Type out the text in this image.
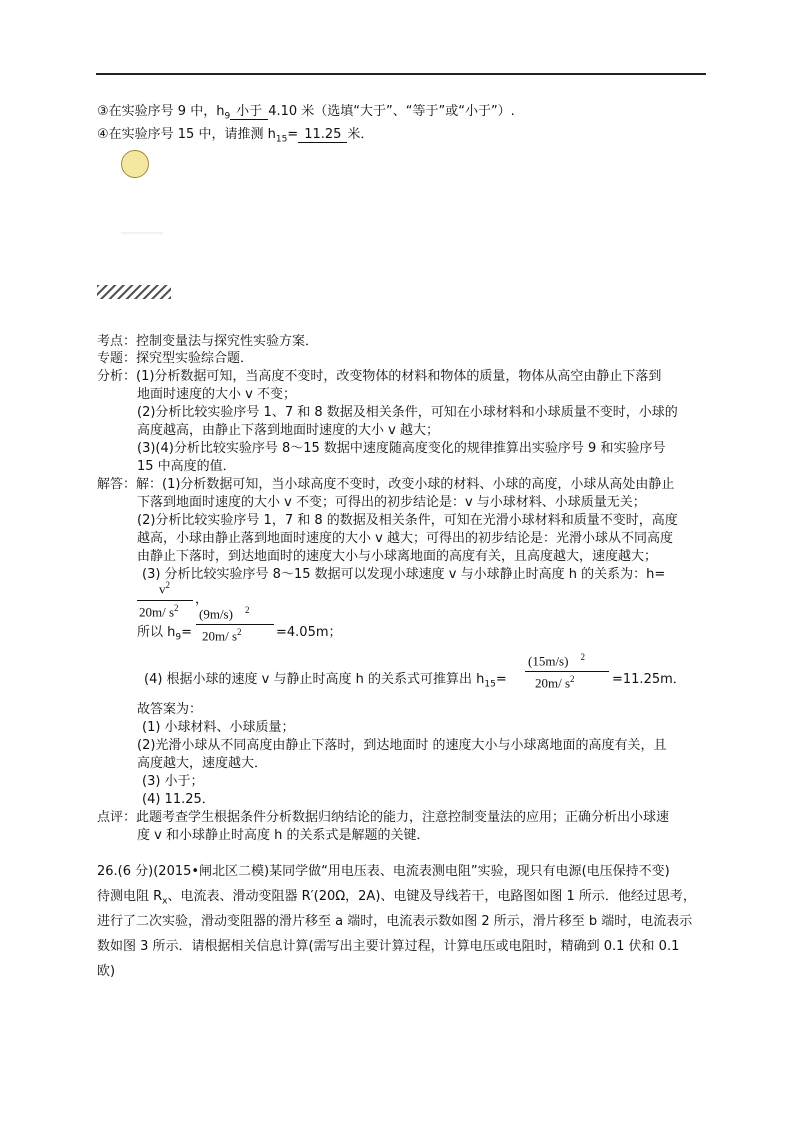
③在实验序号 9 中，$h_9$ 小于 4.10 米（选填“大于”、“等于”或“小于”）.
④在实验序号 15 中，请推测 $h_{15}= 11.25$ 米．
考点：控制变量法与探究性实验方案．
专题：探究型实验综合题．
分析：(1)分析数据可知，当高度不变时，改变物体的材料和物体的质量，物体从高空由静止下落到
地面时速度的大小 v 不变；
(2)分析比较实验序号 1、7 和 8 数据及相关条件，可知在小球材料和小球质量不变时，小球的
高度越高，由静止下落到地面时速度的大小 v 越大；
(3)(4)分析比较实验序号 8～15 数据中速度随高度变化的规律推算出实验序号 9 和实验序号
15 中高度的值．
解答：解：(1)分析数据可知，当小球高度不变时，改变小球的材料、小球的高度，小球从高处由静止
下落到地面时速度的大小 v 不变；可得出的初步结论是：v 与小球材料、小球质量无关；
(2)分析比较实验序号 1，7 和 8 的数据及相关条件，可知在光滑小球材料和质量不变时，高度
越高，小球由静止落到地面时速度的大小 v 越大；可得出的初步结论是：光滑小球从不同高度
由静止下落时，到达地面时的速度大小与小球离地面的高度有关，且高度越大，速度越大；
(3) 分析比较实验序号 8～15 数据可以发现小球速度 v 与小球静止时高度 h 的关系为：h=
$v^2$
20m/ $s^2$
，
所以 $h_9=$
(9m/s) $^2$
20m/ $s^2$	=4.05m；
(4) 根据小球的速度 v 与静止时高度 h 的关系式可推算出 $h_{15}=$
(15m/s) $^2$
20m/ $s^2$	=11.25m．
故答案为：
(1) 小球材料、小球质量；
(2)光滑小球从不同高度由静止下落时，到达地面时 的速度大小与小球离地面的高度有关，且
高度越大，速度越大．
(3) 小于；
(4) 11.25．
点评：此题考查学生根据条件分析数据归纳结论的能力，注意控制变量法的应用；正确分析出小球速
度 v 和小球静止时高度 h 的关系式是解题的关键．
26.(6 分)(2015•闸北区二模)某同学做“用电压表、电流表测电阻”实验，现只有电源(电压保持不变)
待测电阻 $R_x$、电流表、滑动变阻器 R′(20Ω，2A)、电键及导线若干，电路图如图 1 所示．他经过思考，
进行了二次实验，滑动变阻器的滑片移至 a 端时，电流表示数如图 2 所示，滑片移至 b 端时，电流表示
数如图 3 所示．请根据相关信息计算(需写出主要计算过程，计算电压或电阻时，精确到 0.1 伏和 0.1
欧)
